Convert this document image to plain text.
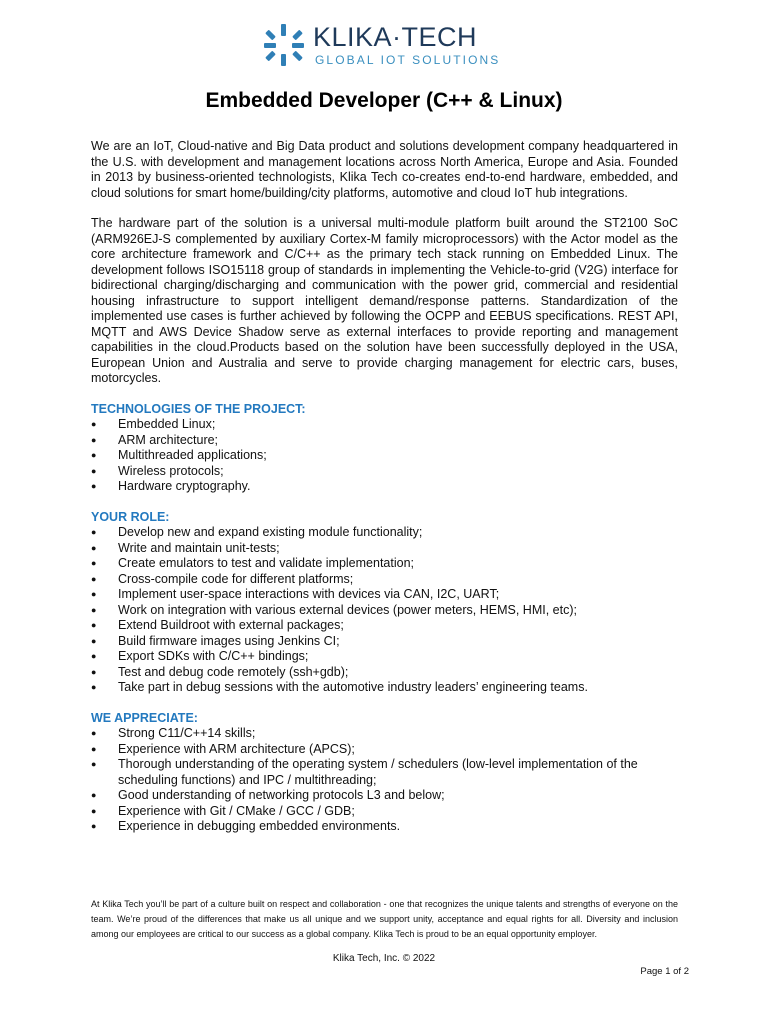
KLIKA·TECH
GLOBAL IOT SOLUTIONS
Embedded Developer (C++ & Linux)

We are an IoT, Cloud-native and Big Data product and solutions development company headquartered in the U.S. with development and management locations across North America, Europe and Asia. Founded in 2013 by business-oriented technologists, Klika Tech co-creates end-to-end hardware, embedded, and cloud solutions for smart home/building/city platforms, automotive and cloud IoT hub integrations.

The hardware part of the solution is a universal multi-module platform built around the ST2100 SoC (ARM926EJ-S complemented by auxiliary Cortex-M family microprocessors) with the Actor model as the core architecture framework and C/C++ as the primary tech stack running on Embedded Linux. The development follows ISO15118 group of standards in implementing the Vehicle-to-grid (V2G) interface for bidirectional charging/discharging and communication with the power grid, commercial and residential housing infrastructure to support intelligent demand/response patterns. Standardization of the implemented use cases is further achieved by following the OCPP and EEBUS specifications. REST API, MQTT and AWS Device Shadow serve as external interfaces to provide reporting and management capabilities in the cloud.Products based on the solution have been successfully deployed in the USA, European Union and Australia and serve to provide charging management for electric cars, buses, motorcycles.

TECHNOLOGIES OF THE PROJECT:

● Embedded Linux;
● ARM architecture;
● Multithreaded applications;
● Wireless protocols;
● Hardware cryptography.

YOUR ROLE:

● Develop new and expand existing module functionality;
● Write and maintain unit-tests;
● Create emulators to test and validate implementation;
● Cross-compile code for different platforms;
● Implement user-space interactions with devices via CAN, I2C, UART;
● Work on integration with various external devices (power meters, HEMS, HMI, etc);
● Extend Buildroot with external packages;
● Build firmware images using Jenkins CI;
● Export SDKs with C/C++ bindings;
● Test and debug code remotely (ssh+gdb);
● Take part in debug sessions with the automotive industry leaders’ engineering teams.

WE APPRECIATE:

● Strong C11/C++14 skills;
● Experience with ARM architecture (APCS);
● Thorough understanding of the operating system / schedulers (low-level implementation of the scheduling functions) and IPC / multithreading;
● Good understanding of networking protocols L3 and below;
● Experience with Git / CMake / GCC / GDB;
● Experience in debugging embedded environments.

At Klika Tech you’ll be part of a culture built on respect and collaboration - one that recognizes the unique talents and strengths of everyone on the team. We’re proud of the differences that make us all unique and we support unity, acceptance and equal rights for all. Diversity and inclusion among our employees are critical to our success as a global company. Klika Tech is proud to be an equal opportunity employer.

Klika Tech, Inc. © 2022
Page 1 of 2
